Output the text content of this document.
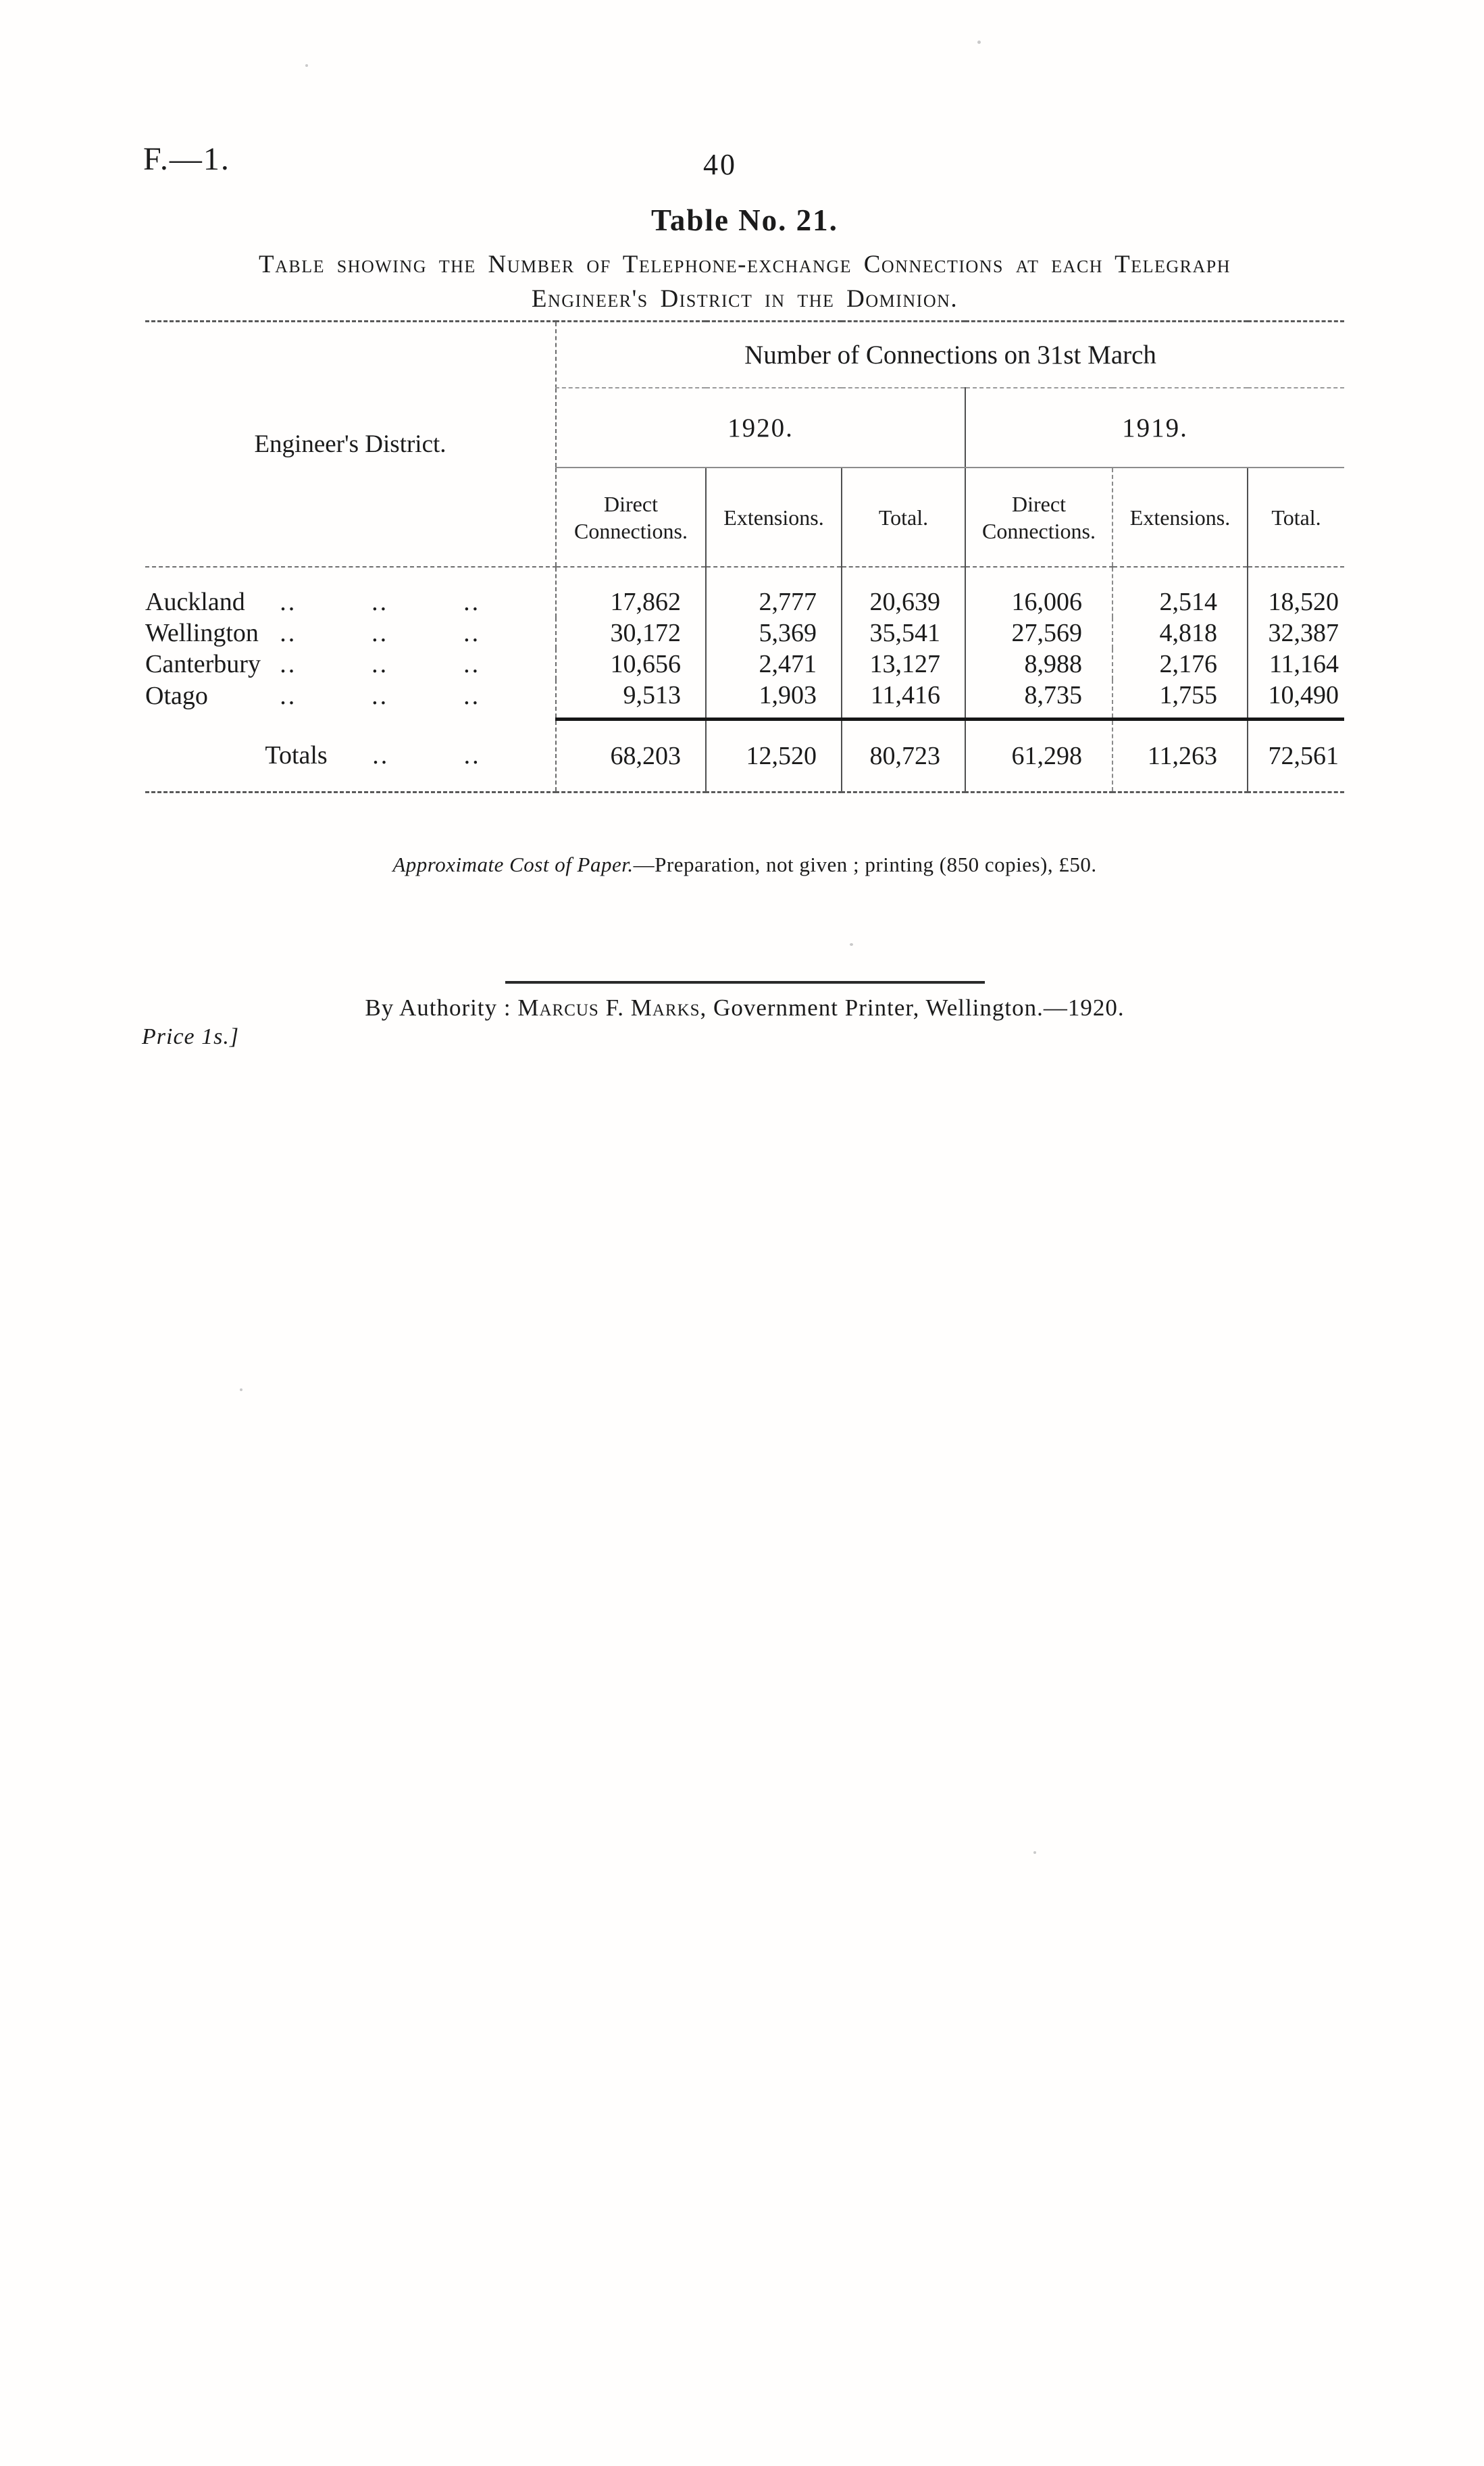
F.—1.	40
Table No. 21.
Table showing the Number of Telephone-exchange Connections at each Telegraph
Engineer's District in the Dominion.
Engineer's District.	Number of Connections on 31st March					
	1920.			1919.		
	Direct Connections.	Extensions.	Total.	Direct Connections.	Extensions.	Total.

Auckland .. .. ..	17,862	2,777	20,639	16,006	2,514	18,520

Wellington .. .. ..	30,172	5,369	35,541	27,569	4,818	32,387

Canterbury .. .. ..	10,656	2,471	13,127	8,988	2,176	11,164

Otago .. .. ..	9,513	1,903	11,416	8,735	1,755	10,490

Totals .. ..	68,203	12,520	80,723	61,298	11,263	72,561
Approximate Cost of Paper.—Preparation, not given ; printing (850 copies), £50.
By Authority : Marcus F. Marks, Government Printer, Wellington.—1920.
Price 1s.]
